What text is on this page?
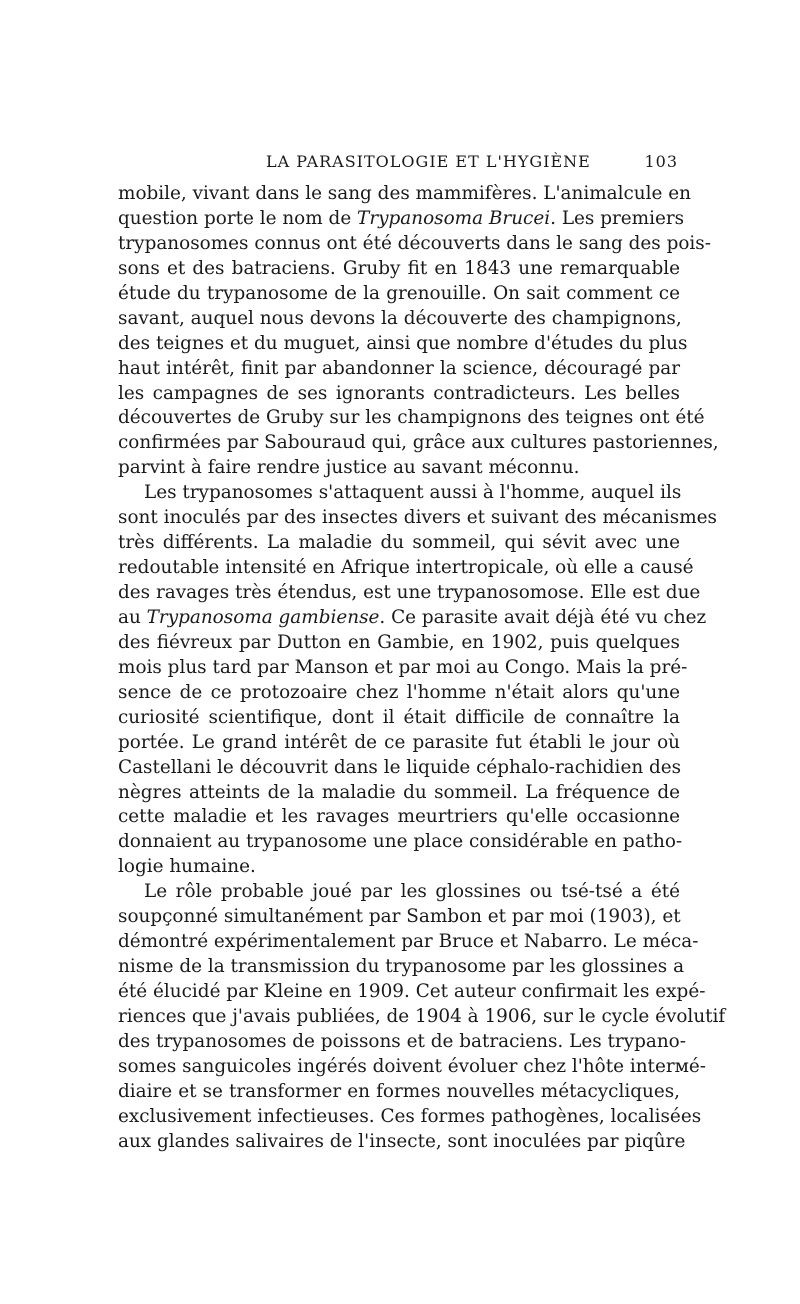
LA PARASITOLOGIE ET L'HYGIÈNE	103
mobile, vivant dans le sang des mammifères. L'animalcule en
question porte le nom de Trypanosoma Brucei. Les premiers
trypanosomes connus ont été découverts dans le sang des pois-
sons et des batraciens. Gruby fit en 1843 une remarquable
étude du trypanosome de la grenouille. On sait comment ce
savant, auquel nous devons la découverte des champignons,
des teignes et du muguet, ainsi que nombre d'études du plus
haut intérêt, finit par abandonner la science, découragé par
les campagnes de ses ignorants contradicteurs. Les belles
découvertes de Gruby sur les champignons des teignes ont été
confirmées par Sabouraud qui, grâce aux cultures pastoriennes,
parvint à faire rendre justice au savant méconnu.
Les trypanosomes s'attaquent aussi à l'homme, auquel ils
sont inoculés par des insectes divers et suivant des mécanismes
très différents. La maladie du sommeil, qui sévit avec une
redoutable intensité en Afrique intertropicale, où elle a causé
des ravages très étendus, est une trypanosomose. Elle est due
au Trypanosoma gambiense. Ce parasite avait déjà été vu chez
des fiévreux par Dutton en Gambie, en 1902, puis quelques
mois plus tard par Manson et par moi au Congo. Mais la pré-
sence de ce protozoaire chez l'homme n'était alors qu'une
curiosité scientifique, dont il était difficile de connaître la
portée. Le grand intérêt de ce parasite fut établi le jour où
Castellani le découvrit dans le liquide céphalo-rachidien des
nègres atteints de la maladie du sommeil. La fréquence de
cette maladie et les ravages meurtriers qu'elle occasionne
donnaient au trypanosome une place considérable en patho-
logie humaine.
Le rôle probable joué par les glossines ou tsé-tsé a été
soupçonné simultanément par Sambon et par moi (1903), et
démontré expérimentalement par Bruce et Nabarro. Le méca-
nisme de la transmission du trypanosome par les glossines a
été élucidé par Kleine en 1909. Cet auteur confirmait les expé-
riences que j'avais publiées, de 1904 à 1906, sur le cycle évolutif
des trypanosomes de poissons et de batraciens. Les trypano-
somes sanguicoles ingérés doivent évoluer chez l'hôte interмé-
diaire et se transformer en formes nouvelles métacycliques,
exclusivement infectieuses. Ces formes pathogènes, localisées
aux glandes salivaires de l'insecte, sont inoculées par piqûre
